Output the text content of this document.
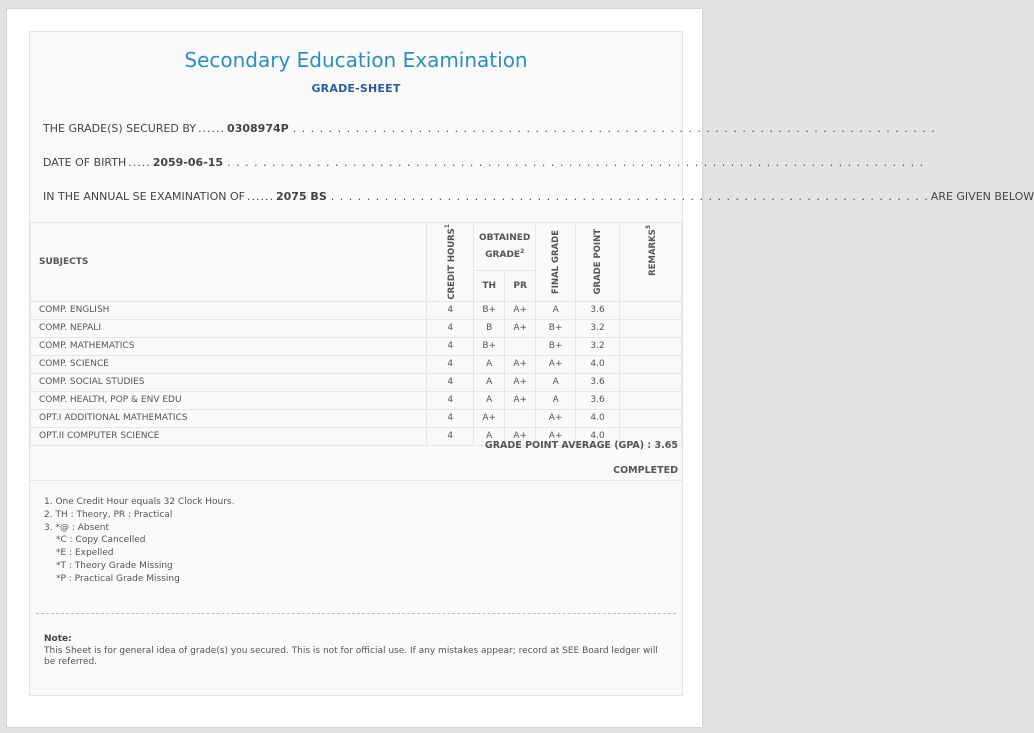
Secondary Education Examination
GRADE-SHEET
THE GRADE(S) SECURED BY ...... 0308974P . . . . . . . . . . . . . . . . . . . . . . . . . . . . . . . . . . . . . . . . . . . . . . . . . . . . . . . . . . . . . . . . . . . . . . . .
DATE OF BIRTH ..... 2059-06-15 . . . . . . . . . . . . . . . . . . . . . . . . . . . . . . . . . . . . . . . . . . . . . . . . . . . . . . . . . . . . . . . . . . . . . . . . . . . . . .
IN THE ANNUAL SE EXAMINATION OF ...... 2075 BS . . . . . . . . . . . . . . . . . . . . . . . . . . . . . . . . . . . . . . . . . . . . . . . . . . . . . . . . . . . . . . . . . . . ARE GIVEN BELOW
SUBJECTS	CREDIT HOURS$^1$	OBTAINED GRADE$^2$		FINAL GRADE	GRADE POINT	REMARKS$^3$

		TH	PR			
COMP. ENGLISH	4	B+	A+	A	3.6	
COMP. NEPALI	4	B	A+	B+	3.2	
COMP. MATHEMATICS	4	B+		B+	3.2	
COMP. SCIENCE	4	A	A+	A+	4.0	
COMP. SOCIAL STUDIES	4	A	A+	A	3.6	
COMP. HEALTH, POP & ENV EDU	4	A	A+	A	3.6	
OPT.I ADDITIONAL MATHEMATICS	4	A+		A+	4.0	
OPT.II COMPUTER SCIENCE	4	A	A+	A+	4.0	
GRADE POINT AVERAGE (GPA) : 3.65
COMPLETED
1. One Credit Hour equals 32 Clock Hours.
2. TH : Theory, PR : Practical
3. *@ : Absent
*C : Copy Cancelled
*E : Expelled
*T : Theory Grade Missing
*P : Practical Grade Missing
Note:
This Sheet is for general idea of grade(s) you secured. This is not for official use. If any mistakes appear; record at SEE Board ledger will be referred.
